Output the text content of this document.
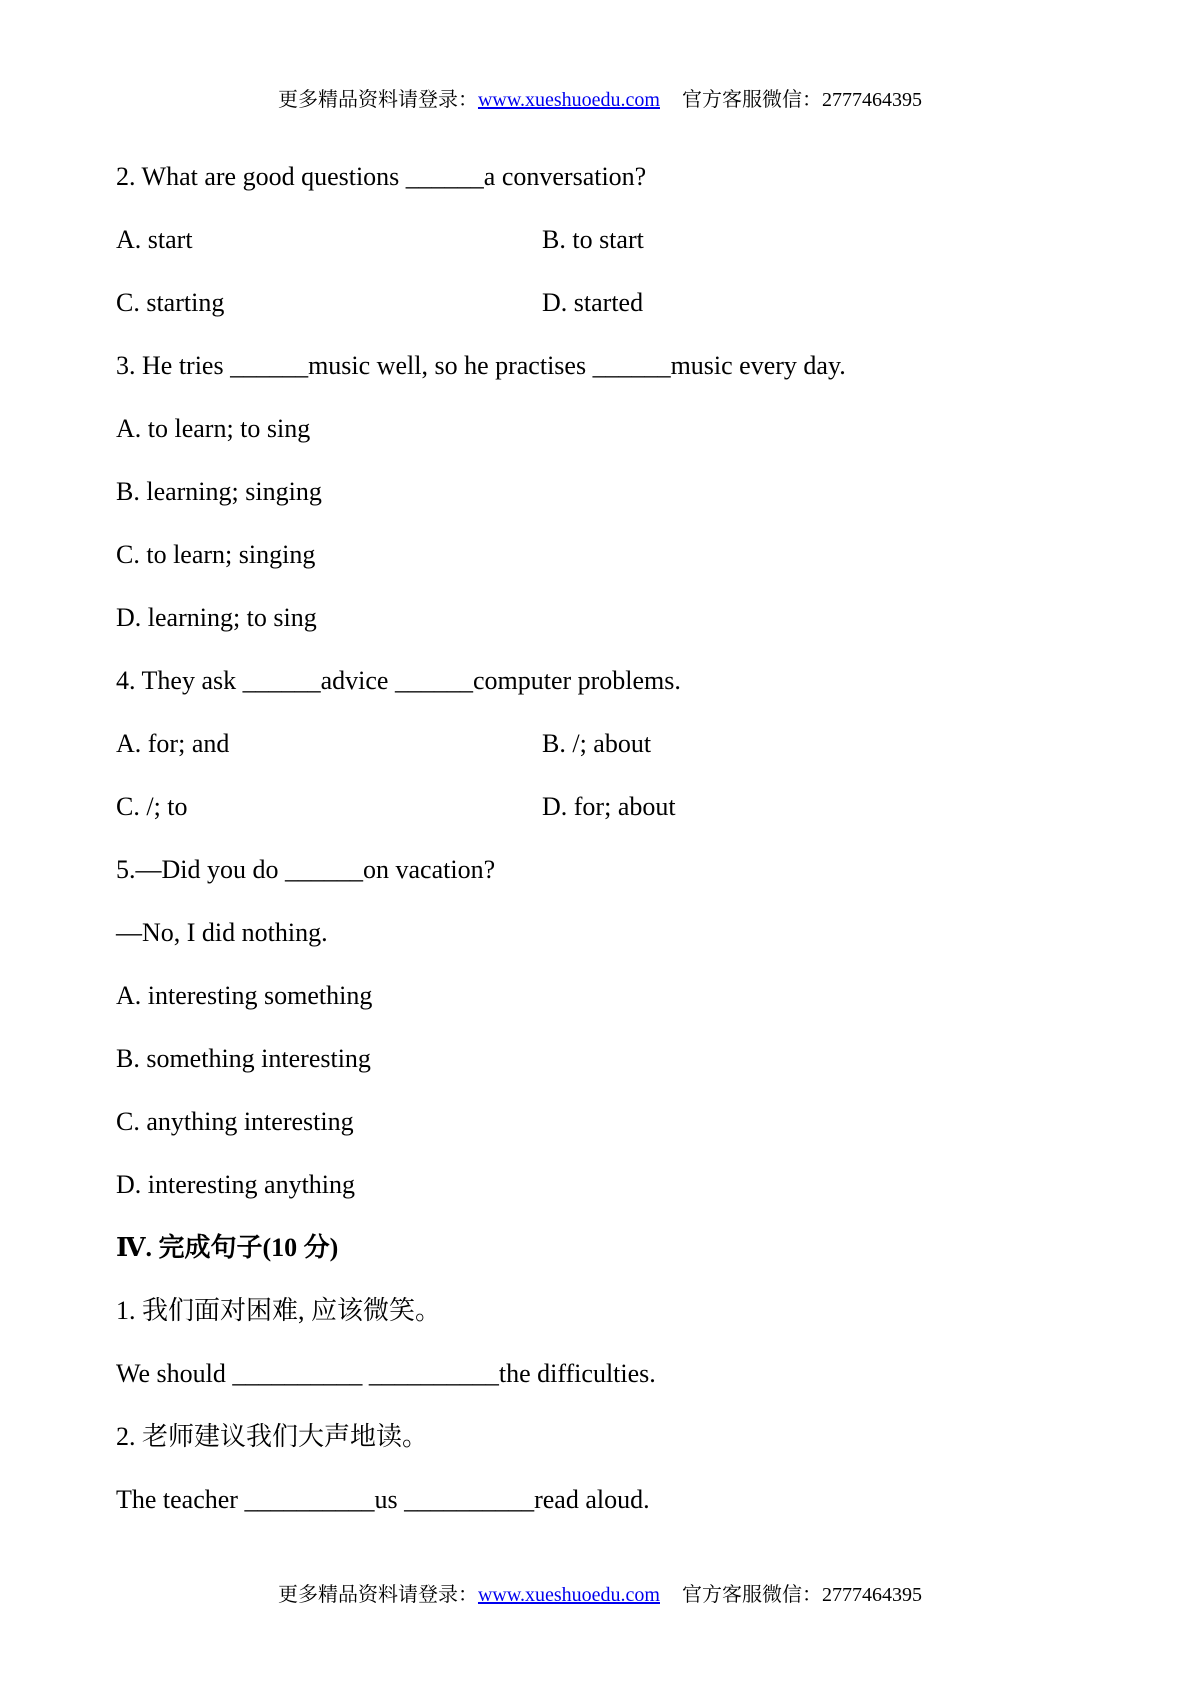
更多精品资料请登录：www.xueshuoedu.com 官方客服微信：2777464395
2. What are good questions ______a conversation?
A. start	B. to start
C. starting	D. started
3. He tries ______music well, so he practises ______music every day.
A. to learn; to sing
B. learning; singing
C. to learn; singing
D. learning; to sing
4. They ask ______advice ______computer problems.
A. for; and	B. /; about
C. /; to	D. for; about
5.—Did you do ______on vacation?
—No, I did nothing.
A. interesting something
B. something interesting
C. anything interesting
D. interesting anything
Ⅳ. 完成句子(10 分)
1. 我们面对困难, 应该微笑。
We should __________ __________the difficulties.
2. 老师建议我们大声地读。
The teacher __________us __________read aloud.
更多精品资料请登录：www.xueshuoedu.com 官方客服微信：2777464395
